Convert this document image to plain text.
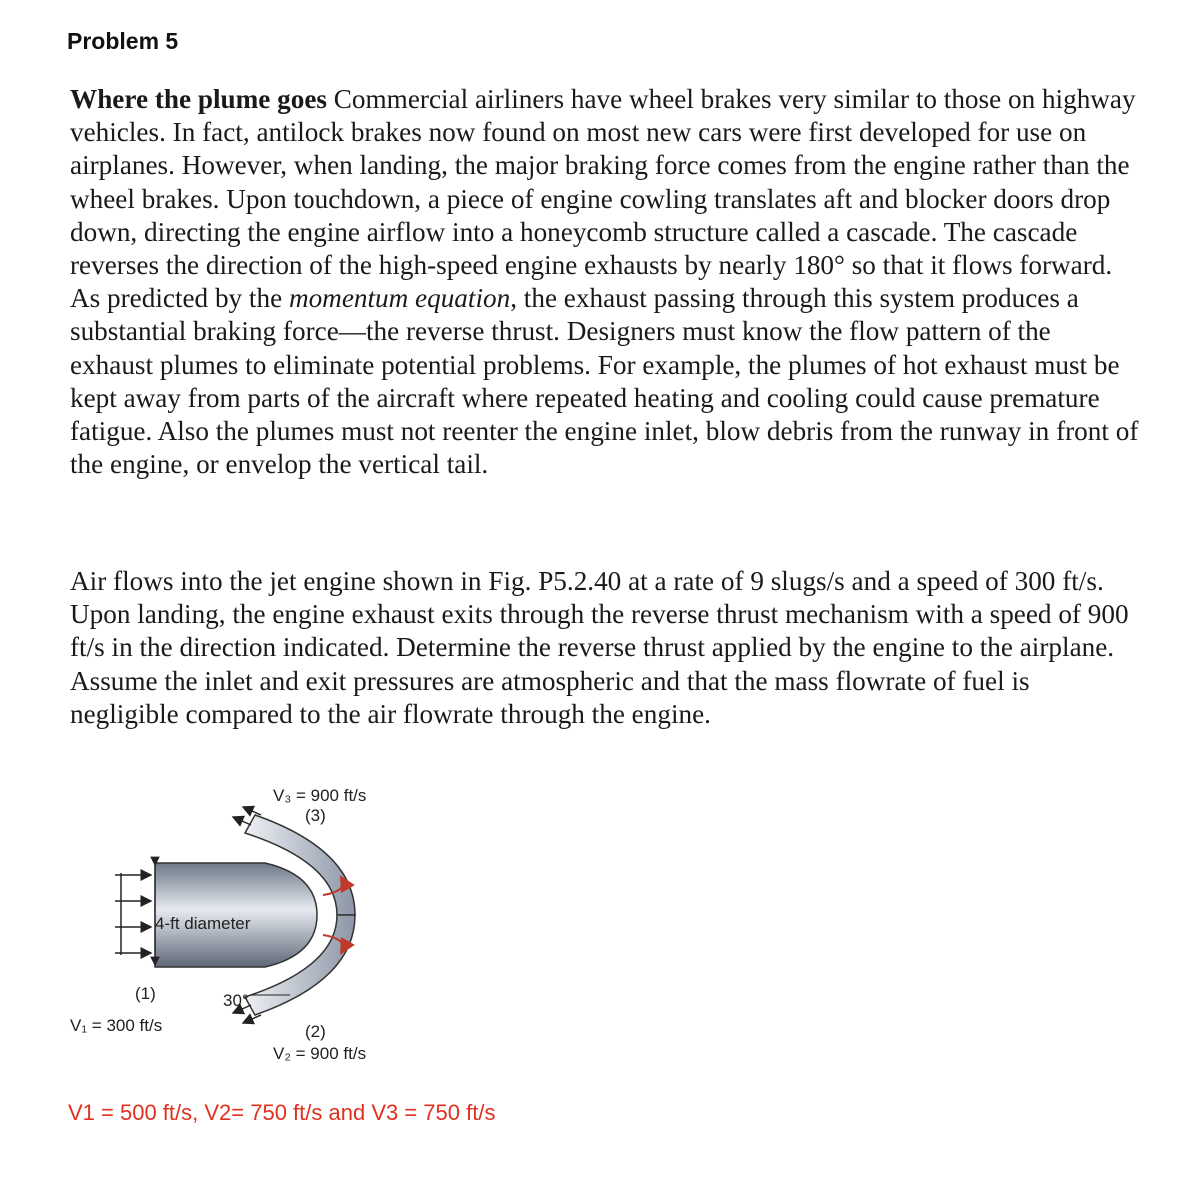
Problem 5

Where the plume goes Commercial airliners have wheel brakes very similar to those on highway vehicles. In fact, antilock brakes now found on most new cars were first developed for use on airplanes. However, when landing, the major braking force comes from the engine rather than the wheel brakes. Upon touchdown, a piece of engine cowling translates aft and blocker doors drop down, directing the engine airflow into a honeycomb structure called a cascade. The cascade reverses the direction of the high-speed engine exhausts by nearly 180° so that it flows forward. As predicted by the momentum equation, the exhaust passing through this system produces a substantial braking force—the reverse thrust. Designers must know the flow pattern of the exhaust plumes to eliminate potential problems. For example, the plumes of hot exhaust must be kept away from parts of the aircraft where repeated heating and cooling could cause premature fatigue. Also the plumes must not reenter the engine inlet, blow debris from the runway in front of the engine, or envelop the vertical tail.

Air flows into the jet engine shown in Fig. P5.2.40 at a rate of 9 slugs/s and a speed of 300 ft/s. Upon landing, the engine exhaust exits through the reverse thrust mechanism with a speed of 900 ft/s in the direction indicated. Determine the reverse thrust applied by the engine to the airplane. Assume the inlet and exit pressures are atmospheric and that the mass flowrate of fuel is negligible compared to the air flowrate through the engine.

V₃ = 900 ft/s
(3)
4-ft diameter
(1)	30°
V₁ = 300 ft/s	(2)
V₂ = 900 ft/s
V1 = 500 ft/s, V2= 750 ft/s and V3 = 750 ft/s
